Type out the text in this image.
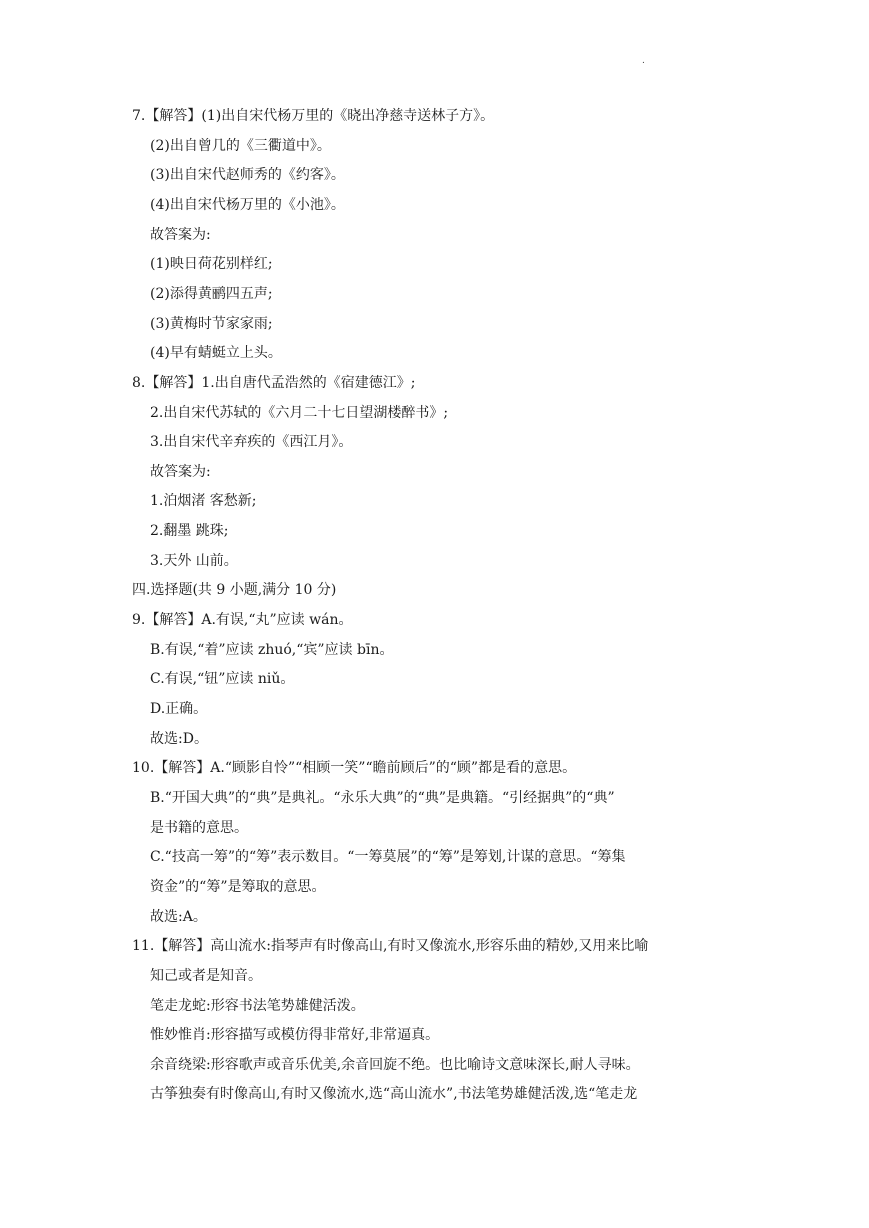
.
7.【解答】(1)出自宋代杨万里的《晓出净慈寺送林子方》。
(2)出自曾几的《三衢道中》。
(3)出自宋代赵师秀的《约客》。
(4)出自宋代杨万里的《小池》。
故答案为:
(1)映日荷花别样红;
(2)添得黄鹂四五声;
(3)黄梅时节家家雨;
(4)早有蜻蜓立上头。
8.【解答】1.出自唐代孟浩然的《宿建德江》;
2.出自宋代苏轼的《六月二十七日望湖楼醉书》;
3.出自宋代辛弃疾的《西江月》。
故答案为:
1.泊烟渚 客愁新;
2.翻墨 跳珠;
3.天外 山前。
四.选择题(共 9 小题,满分 10 分)
9.【解答】A.有误,“丸”应读 wán。
B.有误,“着”应读 zhuó,“宾”应读 bīn。
C.有误,“钮”应读 niǔ。
D.正确。
故选:D。
10.【解答】A.“顾影自怜”“相顾一笑”“瞻前顾后”的“顾”都是看的意思。
B.“开国大典”的“典”是典礼。“永乐大典”的“典”是典籍。“引经据典”的“典”
是书籍的意思。
C.“技高一筹”的“筹”表示数目。“一筹莫展”的“筹”是筹划,计谋的意思。“筹集
资金”的“筹”是筹取的意思。
故选:A。
11.【解答】高山流水:指琴声有时像高山,有时又像流水,形容乐曲的精妙,又用来比喻
知己或者是知音。
笔走龙蛇:形容书法笔势雄健活泼。
惟妙惟肖:形容描写或模仿得非常好,非常逼真。
余音绕梁:形容歌声或音乐优美,余音回旋不绝。也比喻诗文意味深长,耐人寻味。
古筝独奏有时像高山,有时又像流水,选“高山流水”,书法笔势雄健活泼,选“笔走龙
